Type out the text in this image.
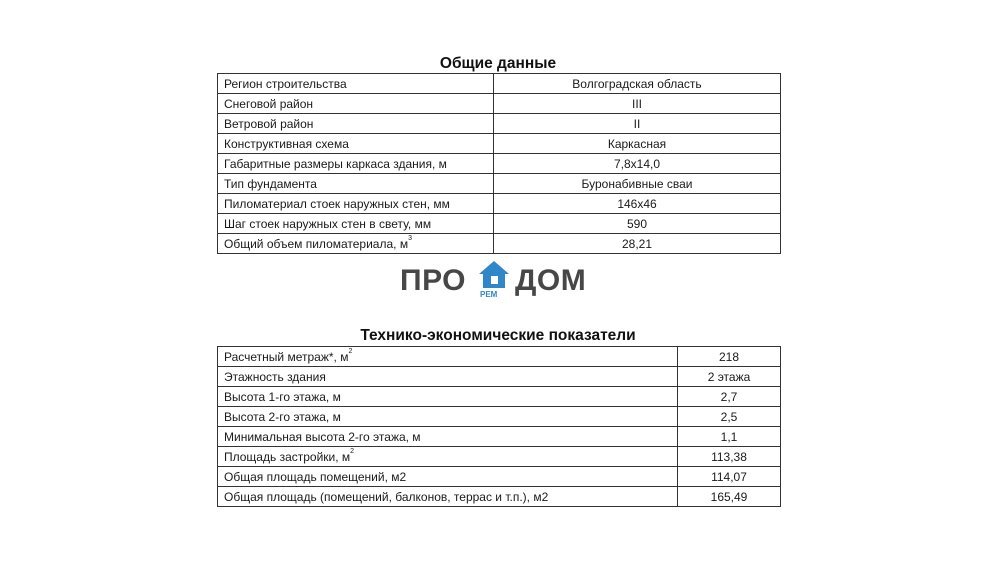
Общие данные
Регион строительства	Волгоградская область
Снеговой район	III
Ветровой район	II
Конструктивная схема	Каркасная
Габаритные размеры каркаса здания, м	7,8x14,0
Тип фундамента	Буронабивные сваи
Пиломатериал стоек наружных стен, мм	146x46
Шаг стоек наружных стен в свету, мм	590
Общий объем пиломатериала, $м^3$	28,21
ПРО РЕМ ДОМ
Технико-экономические показатели
Расчетный метраж*, $м^2$	218
Этажность здания	2 этажа
Высота 1-го этажа, м	2,7
Высота 2-го этажа, м	2,5
Минимальная высота 2-го этажа, м	1,1
Площадь застройки, $м^2$	113,38
Общая площадь помещений, м2	114,07
Общая площадь (помещений, балконов, террас и т.п.), м2	165,49
